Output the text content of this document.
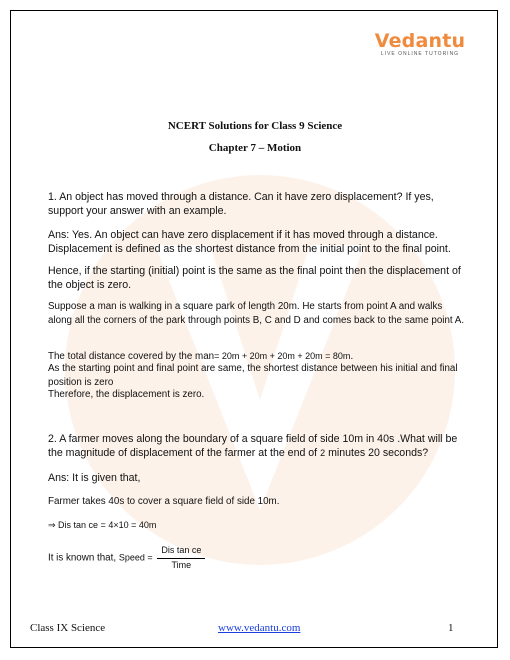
Vedantu
LIVE ONLINE TUTORING
NCERT Solutions for Class 9 Science
Chapter 7 – Motion
1. An object has moved through a distance. Can it have zero displacement? If yes, support your answer with an example.

Ans: Yes. An object can have zero displacement if it has moved through a distance.

Displacement is defined as the shortest distance from the initial point to the final point.

Hence, if the starting (initial) point is the same as the final point then the displacement of the object is zero.
Suppose a man is walking in a square park of length 20m. He starts from point A and walks along all the corners of the park through points B, C and D and comes back to the same point A.
The total distance covered by the man= 20m + 20m + 20m + 20m = 80m.
As the starting point and final point are same, the shortest distance between his initial and final position is zero
Therefore, the displacement is zero.
2. A farmer moves along the boundary of a square field of side 10m in 40s .What will be the magnitude of displacement of the farmer at the end of 2 minutes 20 seconds?
Ans: It is given that,
Farmer takes 40s to cover a square field of side 10m.
⇒ Dis tan ce = 4×10 = 40m
It is known that, Speed = $\frac{\text{Dis tan ce}}{\text{Time}}$
Class IX Science	www.vedantu.com	1
